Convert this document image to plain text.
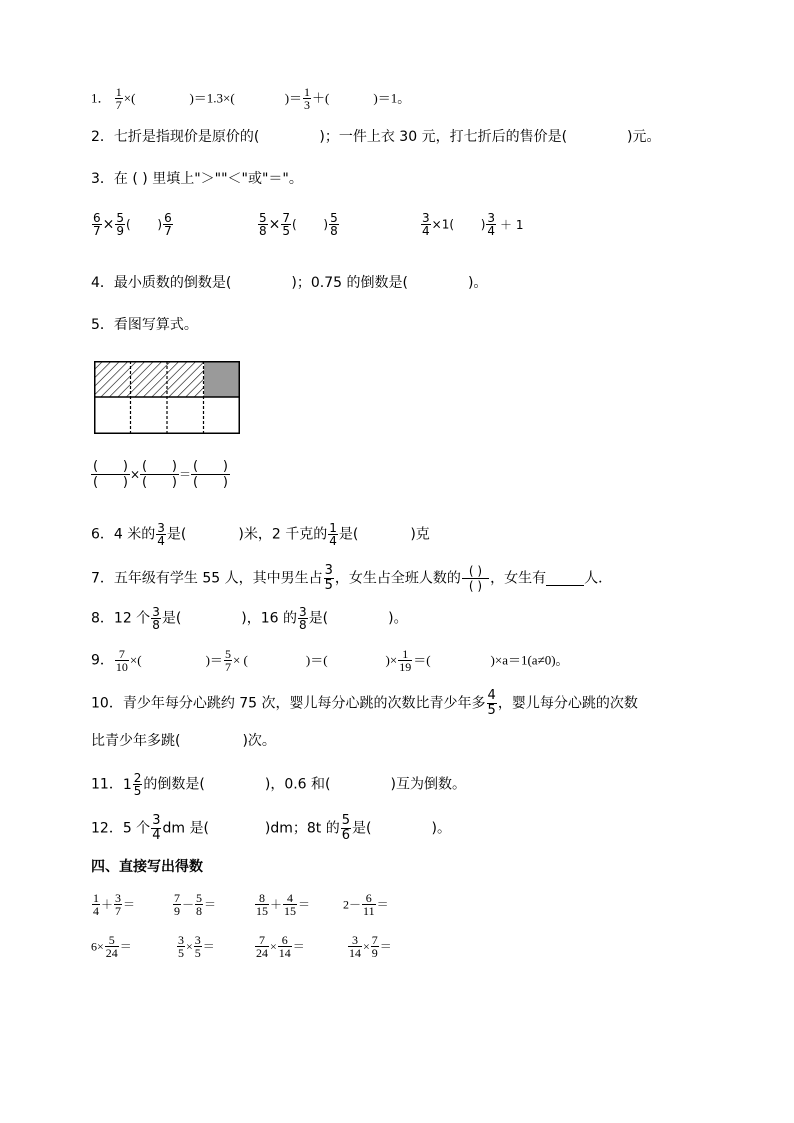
1． $\frac{1}{7}$ ×(	)＝1.3×(	)＝ $\frac{1}{3}$ ＋(	)＝1。
2．七折是指现价是原价的(	)；一件上衣 30 元，打七折后的售价是(	)元。
3．在 ( ) 里填上"＞""＜"或"＝"。
$\frac{6}{7} \times \frac{5}{9}$ (       ) $\frac{6}{7}$	$\frac{5}{8} \times \frac{7}{5}$ (       ) $\frac{5}{8}$	$\frac{3}{4} \times 1$(       ) $\frac{3}{4} + 1$
4．最小质数的倒数是(	)；0.75 的倒数是(	)。
5．看图写算式。
(      )
(      )
×
(      )
(      )
＝
(      )
(      )
6．4 米的 $\frac{3}{4}$ 是(	)米，2 千克的 $\frac{1}{4}$ 是(	)克
7．五年级有学生 55 人，其中男生占 $\frac{3}{5}$ ，女生占全班人数的 $\frac{( )}{( )}$ ，女生有	人．
8．12 个 $\frac{3}{8}$ 是(	)，16 的 $\frac{3}{8}$ 是(	)。
9． $\frac{7}{10}$ ×(	)＝ $\frac{5}{7}$ × (	)＝(	)× $\frac{1}{19}$ ＝(	)×a＝1(a≠0)。
10．青少年每分心跳约 75 次，婴儿每分心跳的次数比青少年多 $\frac{4}{5}$ ，婴儿每分心跳的次数
比青少年多跳(	)次。
11． $1 \frac{2}{5}$ 的倒数是(	)，0.6 和(	)互为倒数。
12．5 个 $\frac{3}{4}$ dm 是(	)dm；8t 的 $\frac{5}{6}$ 是(	)。
四、直接写出得数
$\frac{1}{4} + \frac{3}{7}$ ＝	$\frac{7}{9} - \frac{5}{8}$ ＝	$\frac{8}{15} + \frac{4}{15}$ ＝	$2- \frac{6}{11}$ ＝
$6\times \frac{5}{24}$ ＝	$\frac{3}{5} \times \frac{3}{5}$ ＝	$\frac{7}{24} \times \frac{6}{14}$ ＝	$\frac{3}{14} \times \frac{7}{9}$ ＝
